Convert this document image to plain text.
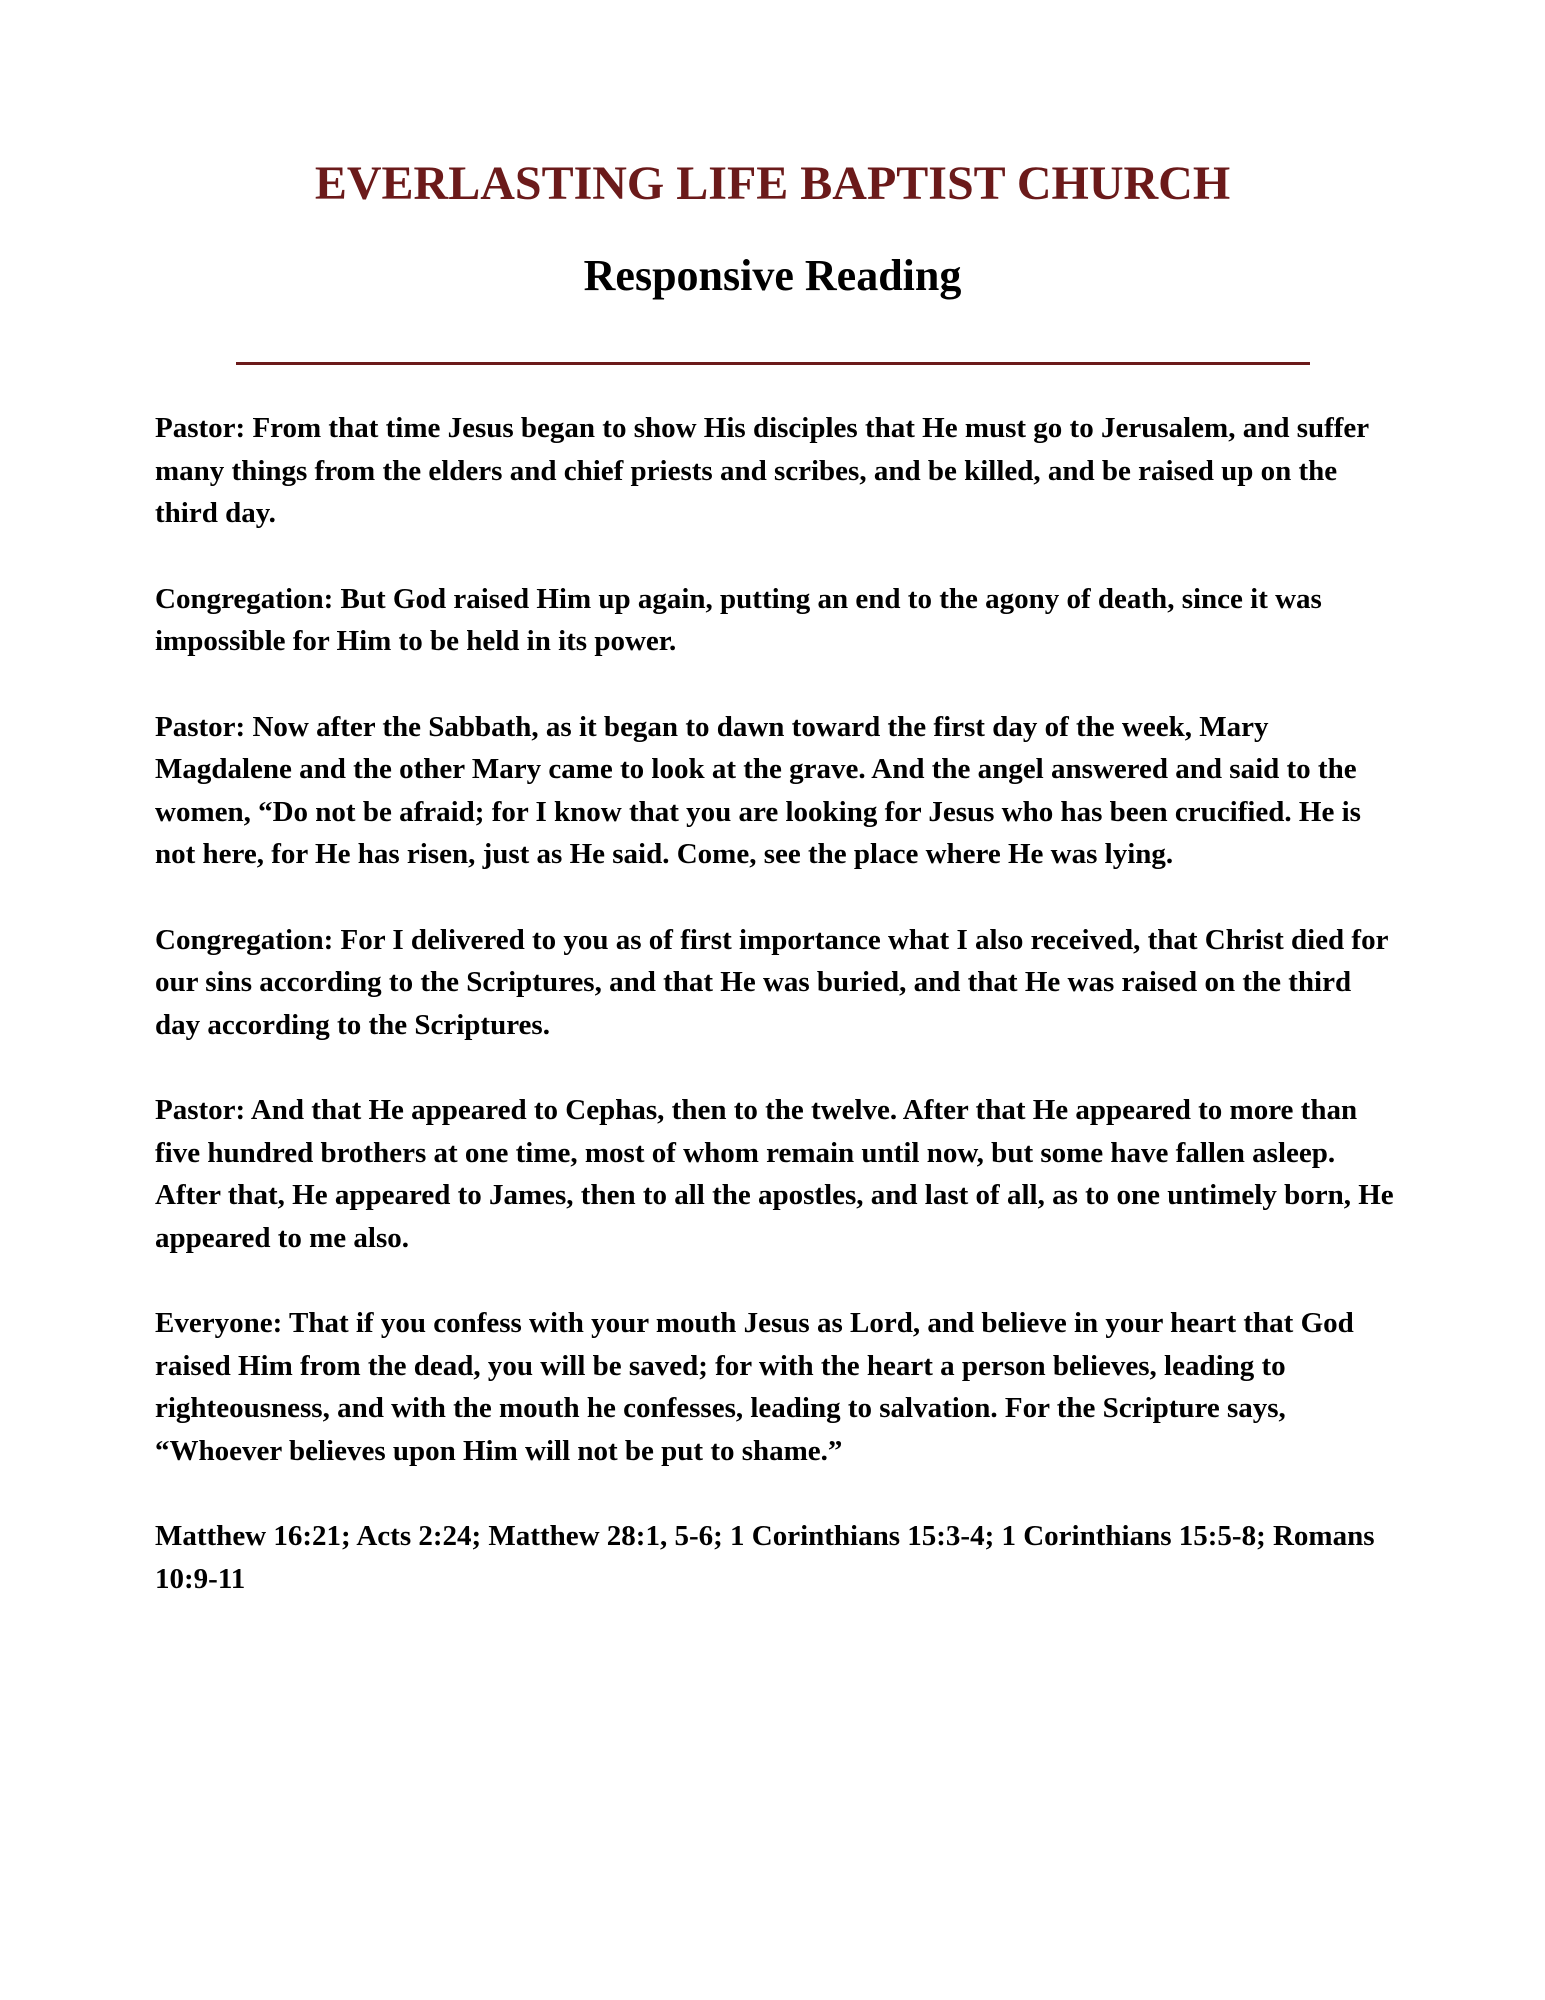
EVERLASTING LIFE BAPTIST CHURCH
Responsive Reading

Pastor: From that time Jesus began to show His disciples that He must go to Jerusalem, and suffer many things from the elders and chief priests and scribes, and be killed, and be raised up on the third day.

Congregation: But God raised Him up again, putting an end to the agony of death, since it was impossible for Him to be held in its power.

Pastor: Now after the Sabbath, as it began to dawn toward the first day of the week, Mary Magdalene and the other Mary came to look at the grave. And the angel answered and said to the women, “Do not be afraid; for I know that you are looking for Jesus who has been crucified. He is not here, for He has risen, just as He said. Come, see the place where He was lying.

Congregation: For I delivered to you as of first importance what I also received, that Christ died for our sins according to the Scriptures, and that He was buried, and that He was raised on the third day according to the Scriptures.

Pastor: And that He appeared to Cephas, then to the twelve. After that He appeared to more than five hundred brothers at one time, most of whom remain until now, but some have fallen asleep. After that, He appeared to James, then to all the apostles, and last of all, as to one untimely born, He appeared to me also.

Everyone: That if you confess with your mouth Jesus as Lord, and believe in your heart that God raised Him from the dead, you will be saved; for with the heart a person believes, leading to righteousness, and with the mouth he confesses, leading to salvation. For the Scripture says, “Whoever believes upon Him will not be put to shame.”

Matthew 16:21; Acts 2:24; Matthew 28:1, 5-6; 1 Corinthians 15:3-4; 1 Corinthians 15:5-8; Romans 10:9-11
